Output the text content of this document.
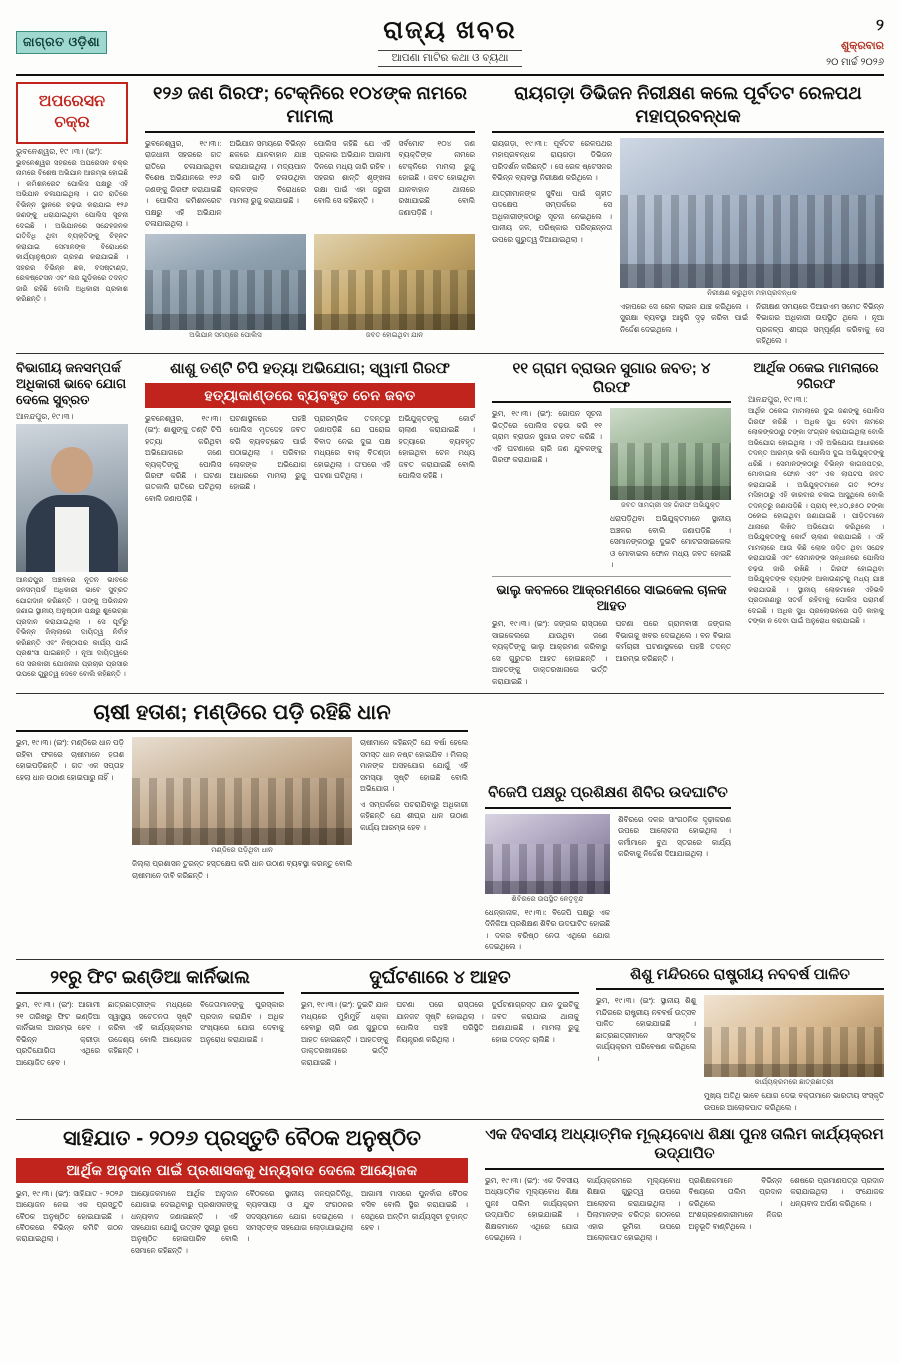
ଜାଗ୍ରତ ଓଡ଼ିଶା	ରାଜ୍ୟ ଖବର
ଆପଣା ମାଟିର କଥା ଓ ବ୍ୟଥା
୨
ଶୁକ୍ରବାର
୨୦ ମାର୍ଚ୍ଚ ୨୦୨୬
ଅପରେସନ ଚକ୍ର
ଭୁବନେଶ୍ୱର, ୧୯ ।୩। (ଇଂ):
ଭୁବନେଶ୍ୱର ସହରରେ ଅପରେସନ ଚକ୍ର ନାମରେ ବିଶେଷ ଅଭିଯାନ ଆରମ୍ଭ ହୋଇଛି । କମିଶନରେଟ ପୋଲିସ ପକ୍ଷରୁ ଏହି ଅଭିଯାନ ଚଳାଯାଇଥିଲା । ଗତ ରାତିରେ ବିଭିନ୍ନ ସ୍ଥାନରେ ଚଢ଼ଉ କରାଯାଇ ୧୨୬ ଜଣଙ୍କୁ ଧରାଯାଇଥିବା ପୋଲିସ ସୂଚନା ଦେଇଛି । ଅଭିଯାନରେ ସନ୍ଦେହଜନକ ଗତିବିଧି ଥିବା ବ୍ୟକ୍ତିଙ୍କୁ ଚିହ୍ନଟ କରାଯାଇ ସେମାନଙ୍କ ବିରୋଧରେ କାର୍ଯ୍ୟାନୁଷ୍ଠାନ ଗ୍ରହଣ କରାଯାଇଛି । ସହରର ବିଭିନ୍ନ ଛକ, ବସଷ୍ଟାଣ୍ଡ, ରେଳଷ୍ଟେସନ ଏବଂ ଲଜ ଗୁଡ଼ିକରେ ତଦନ୍ତ ଜାରି ରହିଛି ବୋଲି ଅଧିକାରୀ ପ୍ରକାଶ କରିଛନ୍ତି ।
୧୨୬ ଜଣ ଗିରଫ; ଟେକ୍ନିରେ ୧୦୪ଙ୍କ ନାମରେ ମାମଲା
ଭୁବନେଶ୍ୱର, ୧୯।୩।: ରାଜଧାନୀ ସହରରେ ଗତ ରାତିରେ ଚଳାଯାଇଥିବା ବିଶେଷ ଅଭିଯାନରେ ୧୨୬ ଜଣଙ୍କୁ ଗିରଫ କରାଯାଇଛି । ପୋଲିସ କମିଶନରେଟ ପକ୍ଷରୁ ଏହି ଅଭିଯାନ ଚଳାଯାଇଥିଲା ।
ଅଭିଯାନ ସମୟରେ ବିଭିନ୍ନ ଛକରେ ଯାନବାହାନ ଯାଞ୍ଚ କରାଯାଇଥିଲା । ମଦ୍ୟପାନ କରି ଗାଡ଼ି ଚଳାଉଥିବା ଚାଳକଙ୍କ ବିରୋଧରେ ମାମଲା ରୁଜୁ କରାଯାଇଛି ।
ପୋଲିସ କହିଛି ଯେ ଏହି ପ୍ରକାର ଅଭିଯାନ ଆଗାମୀ ଦିନରେ ମଧ୍ୟ ଜାରି ରହିବ । ସହରର ଶାନ୍ତି ଶୃଙ୍ଖଳା ରକ୍ଷା ପାଇଁ ଏହା ଜରୁରୀ ବୋଲି ସେ କହିଛନ୍ତି ।
ସର୍ବମୋଟ ୧୦୪ ଜଣ ବ୍ୟକ୍ତିଙ୍କ ନାମରେ ଟେକ୍ନିରେ ମାମଲା ରୁଜୁ ହୋଇଛି । ଜବତ ହୋଇଥିବା ଯାନବାହାନ ଥାନାରେ ରଖାଯାଇଛି ବୋଲି ଜଣାପଡ଼ିଛି ।
ଅଭିଯାନ ସମୟରେ ପୋଲିସ	ଜବତ ହୋଇଥିବା ଯାନ
ରାୟଗଡ଼ା ଡିଭିଜନ ନିରୀକ୍ଷଣ କଲେ ପୂର୍ବତଟ ରେଳପଥ ମହାପ୍ରବନ୍ଧକ
ରାୟଗଡ଼ା, ୧୯।୩।: ପୂର୍ବତଟ ରେଳପଥର ମହାପ୍ରବନ୍ଧକ ରାୟଗଡ଼ା ଡିଭିଜନ ପରିଦର୍ଶନ କରିଛନ୍ତି । ସେ ରେଳ ଷ୍ଟେସନର ବିଭିନ୍ନ ବ୍ୟବସ୍ଥା ନିରୀକ୍ଷଣ କରିଥିଲେ ।
ଯାତ୍ରୀମାନଙ୍କ ସୁବିଧା ପାଇଁ ଗୃହୀତ ପଦକ୍ଷେପ ସମ୍ପର୍କରେ ସେ ଅଧିକାରୀଙ୍କଠାରୁ ସୂଚନା ନେଇଥିଲେ । ପାନୀୟ ଜଳ, ପରିଷ୍କାର ପରିଚ୍ଛନ୍ନତା ଉପରେ ଗୁରୁତ୍ୱ ଦିଆଯାଇଥିଲା ।
ନିରୀକ୍ଷଣ କରୁଥିବା ମହାପ୍ରବନ୍ଧକ
ଏହାପରେ ସେ ରେଳ ଲାଇନ ଯାଞ୍ଚ କରିଥିଲେ । ସୁରକ୍ଷା ବ୍ୟବସ୍ଥା ଆହୁରି ଦୃଢ଼ କରିବା ପାଇଁ ନିର୍ଦ୍ଦେଶ ଦେଇଥିଲେ ।
ନିରୀକ୍ଷଣ ସମୟରେ ଡିଆରଏମ ସମେତ ବିଭିନ୍ନ ବିଭାଗର ଅଧିକାରୀ ଉପସ୍ଥିତ ଥିଲେ । ନୂଆ ପ୍ରକଳ୍ପ ଶୀଘ୍ର ସମ୍ପୂର୍ଣ୍ଣ କରିବାକୁ ସେ କହିଥିଲେ ।
ବିଭାଗୀୟ ଜନସମ୍ପର୍କ ଅଧିକାରୀ ଭାବେ ଯୋଗ ଦେଲେ ସୁବ୍ରତ
ଆନନ୍ଦପୁର, ୧୯।୩।
ଆନନ୍ଦପୁର ଅଞ୍ଚଳରେ ନୂତନ ଭାବରେ ଜନସମ୍ପର୍କ ଅଧିକାରୀ ଭାବେ ସୁବ୍ରତ ଯୋଗଦାନ କରିଛନ୍ତି । ତାଙ୍କୁ ଅଭିନନ୍ଦନ ଜଣାଇ ସ୍ଥାନୀୟ ଅନୁଷ୍ଠାନ ପକ୍ଷରୁ ଶୁଭେଚ୍ଛା ପ୍ରଦାନ କରାଯାଇଥିଲା । ସେ ପୂର୍ବରୁ ବିଭିନ୍ନ ଜିଲ୍ଲାରେ ଦାୟିତ୍ୱ ନିର୍ବାହ କରିଛନ୍ତି ଏବଂ ନିଷ୍ଠାପର କାର୍ଯ୍ୟ ପାଇଁ ପ୍ରଶଂସା ପାଇଛନ୍ତି । ନୂଆ ଦାୟିତ୍ୱରେ ସେ ସରକାରୀ ଯୋଜନାର ପ୍ରଚାର ପ୍ରସାର ଉପରେ ଗୁରୁତ୍ୱ ଦେବେ ବୋଲି କହିଛନ୍ତି ।
ଶାଶୁ ତଣ୍ଟି ଚିପି ହତ୍ୟା ଅଭିଯୋଗ; ସ୍ୱାମୀ ଗିରଫ
ହତ୍ୟାକାଣ୍ଡରେ ବ୍ୟବହୃତ ଚେନ ଜବତ
ଭୁବନେଶ୍ୱର, ୧୯।୩। (ଇଂ): ଶାଶୁଙ୍କୁ ତଣ୍ଟି ଚିପି ହତ୍ୟା କରିଥିବା ଅଭିଯୋଗରେ ଜଣେ ବ୍ୟକ୍ତିଙ୍କୁ ପୋଲିସ ଗିରଫ କରିଛି । ଘଟଣା ଗତକାଲି ରାତିରେ ଘଟିଥିଲା ବୋଲି ଜଣାପଡ଼ିଛି ।
ଘଟଣାସ୍ଥଳରେ ପହଞ୍ଚି ପୋଲିସ ମୃତଦେହ ଜବତ କରି ବ୍ୟବଚ୍ଛେଦ ପାଇଁ ପଠାଇଥିଲା । ପରିବାର ଲୋକଙ୍କ ଅଭିଯୋଗ ଆଧାରରେ ମାମଲା ରୁଜୁ ହୋଇଛି ।
ପ୍ରାରମ୍ଭିକ ତଦନ୍ତରୁ ଜଣାପଡ଼ିଛି ଯେ ଘରୋଇ ବିବାଦ ନେଇ ଦୁଇ ପକ୍ଷ ମଧ୍ୟରେ ବାକ୍ ବିତଣ୍ଡା ହୋଇଥିଲା । ତା'ପରେ ଏହି ଘଟଣା ଘଟିଥିଲା ।
ଅଭିଯୁକ୍ତଙ୍କୁ କୋର୍ଟ ଚାଲାଣ କରାଯାଇଛି । ହତ୍ୟାରେ ବ୍ୟବହୃତ ହୋଇଥିବା ଚେନ ମଧ୍ୟ ଜବତ କରାଯାଇଛି ବୋଲି ପୋଲିସ କହିଛି ।
୧୧ ଗ୍ରାମ ବ୍ରାଉନ ସୁଗାର ଜବତ; ୪ ଗିରଫ
ଭୁମ, ୧୯।୩। (ଇଂ): ଗୋପନ ସୂଚନା ଭିତ୍ତିରେ ପୋଲିସ ଚଢ଼ଉ କରି ୧୧ ଗ୍ରାମ ବ୍ରାଉନ ସୁଗାର ଜବତ କରିଛି । ଏହି ଘଟଣାରେ ଚାରି ଜଣ ଯୁବକଙ୍କୁ ଗିରଫ କରାଯାଇଛି ।
ଜବତ ସାମଗ୍ରୀ ସହ ଗିରଫ ଅଭିଯୁକ୍ତ
ଧରାପଡ଼ିଥିବା ଅଭିଯୁକ୍ତମାନେ ସ୍ଥାନୀୟ ଅଞ୍ଚଳର ବୋଲି ଜଣାପଡ଼ିଛି । ସେମାନଙ୍କଠାରୁ ଦୁଇଟି ମୋଟରସାଇକେଲ ଓ ମୋବାଇଲ ଫୋନ ମଧ୍ୟ ଜବତ ହୋଇଛି ।
ଭାଲୁ କବଳରେ ଆକ୍ରମଣରେ ସାଇକେଲ ଚାଳକ ଆହତ
ଭୁମ, ୧୯।୩। (ଇଂ): ଜଙ୍ଗଲ ରାସ୍ତାରେ ସାଇକେଲରେ ଯାଉଥିବା ଜଣେ ବ୍ୟକ୍ତିଙ୍କୁ ଭାଲୁ ଆକ୍ରମଣ କରିବାରୁ ସେ ଗୁରୁତର ଆହତ ହୋଇଛନ୍ତି । ଆହତଙ୍କୁ ଡାକ୍ତରଖାନାରେ ଭର୍ତ୍ତି କରାଯାଇଛି ।
ଘଟଣା ପରେ ଗ୍ରାମବାସୀ ଜଙ୍ଗଲ ବିଭାଗକୁ ଖବର ଦେଇଥିଲେ । ବନ ବିଭାଗ କର୍ମଚାରୀ ଘଟଣାସ୍ଥଳରେ ପହଞ୍ଚି ତଦନ୍ତ ଆରମ୍ଭ କରିଛନ୍ତି ।
ଆର୍ଥିକ ଠକେଇ ମାମଲାରେ ୨ଗିରଫ
ଆନନ୍ଦପୁର, ୧୯।୩।:
ଆର୍ଥିକ ଠକେଇ ମାମଲାରେ ଦୁଇ ଜଣଙ୍କୁ ପୋଲିସ ଗିରଫ କରିଛି । ଅଧିକ ସୁଧ ଦେବା ନାମରେ ଲୋକଙ୍କଠାରୁ ଟଙ୍କା ସଂଗ୍ରହ କରାଯାଇଥିଲା ବୋଲି ଅଭିଯୋଗ ହୋଇଥିଲା । ଏହି ଅଭିଯୋଗ ଆଧାରରେ ତଦନ୍ତ ଆରମ୍ଭ କରି ପୋଲିସ ଦୁଇ ଅଭିଯୁକ୍ତଙ୍କୁ ଧରିଛି । ସେମାନଙ୍କଠାରୁ ବିଭିନ୍ନ କାଗଜପତ୍ର, ମୋବାଇଲ ଫୋନ ଏବଂ ଏକ ଲାପଟପ ଜବତ କରାଯାଇଛି । ଅଭିଯୁକ୍ତମାନେ ଗତ ୨୦୨୪ ମସିହାଠାରୁ ଏହି କାରବାର ଚଳାଇ ଆସୁଥିଲେ ବୋଲି ତଦନ୍ତରୁ ଜଣାପଡ଼ିଛି । ପ୍ରାୟ ୧୧,୪୦,୭୫୦ ଟଙ୍କା ଠକେଇ ହୋଇଥିବା ଜଣାଯାଇଛି । ପୀଡ଼ିତମାନେ ଥାନାରେ ଲିଖିତ ଅଭିଯୋଗ କରିଥିଲେ । ଅଭିଯୁକ୍ତଙ୍କୁ କୋର୍ଟ ଚାଲାଣ କରାଯାଇଛି । ଏହି ମାମଲାରେ ଆଉ କିଛି ଲୋକ ଜଡ଼ିତ ଥିବା ସନ୍ଦେହ କରାଯାଉଛି ଏବଂ ସେମାନଙ୍କ ସନ୍ଧାନରେ ପୋଲିସ ଚଢ଼ଉ ଜାରି ରଖିଛି । ଗିରଫ ହୋଇଥିବା ଅଭିଯୁକ୍ତଙ୍କ ବ୍ୟାଙ୍କ ଆକାଉଣ୍ଟକୁ ମଧ୍ୟ ଯାଞ୍ଚ କରାଯାଉଛି । ସ୍ଥାନୀୟ ଲୋକମାନେ ଏହିଭଳି ପ୍ରତାରଣାରୁ ସତର୍କ ରହିବାକୁ ପୋଲିସ ପରାମର୍ଶ ଦେଇଛି । ଅଧିକ ସୁଧ ପ୍ରଲୋଭନରେ ପଡ଼ି କାହାକୁ ଟଙ୍କା ନ ଦେବା ପାଇଁ ଅନୁରୋଧ କରାଯାଇଛି ।
ଚାଷୀ ହତାଶ; ମଣ୍ଡିରେ ପଡ଼ି ରହିଛି ଧାନ
ଭୁମ, ୧୯।୩। (ଇଂ): ମଣ୍ଡିରେ ଧାନ ପଡ଼ି ରହିବା ଫଳରେ ଚାଷୀମାନେ ହତାଶ ହୋଇପଡ଼ିଛନ୍ତି । ଗତ ଏକ ସପ୍ତାହ ହେଲା ଧାନ ଉଠାଣ ହୋଇପାରୁ ନାହିଁ ।
ମଣ୍ଡିରେ ପଡ଼ିଥିବା ଧାନ
ଜିଲ୍ଲା ପ୍ରଶାସନ ତୁରନ୍ତ ହସ୍ତକ୍ଷେପ କରି ଧାନ ଉଠାଣ ବ୍ୟବସ୍ଥା କରନ୍ତୁ ବୋଲି ଚାଷୀମାନେ ଦାବି କରିଛନ୍ତି ।
ଚାଷୀମାନେ କହିଛନ୍ତି ଯେ ବର୍ଷା ହେଲେ ସମସ୍ତ ଧାନ ନଷ୍ଟ ହୋଇଯିବ । ମିଲର୍ ମାନଙ୍କ ଅସହଯୋଗ ଯୋଗୁଁ ଏହି ସମସ୍ୟା ସୃଷ୍ଟି ହୋଇଛି ବୋଲି ଅଭିଯୋଗ ।
ଏ ସମ୍ପର୍କରେ ପଚରାଯିବାରୁ ଅଧିକାରୀ କହିଛନ୍ତି ଯେ ଶୀଘ୍ର ଧାନ ଉଠାଣ କାର୍ଯ୍ୟ ଆରମ୍ଭ ହେବ ।
ବିଜେପି ପକ୍ଷରୁ ପ୍ରଶିକ୍ଷଣ ଶିବିର ଉଦଘାଟିତ
ଶିବିରରେ ଉପସ୍ଥିତ ନେତୃବୃନ୍ଦ
ଧେନ୍କାନାଳ, ୧୯।୩।: ବିଜେପି ପକ୍ଷରୁ ଏକ ଦିନିକିଆ ପ୍ରଶିକ୍ଷଣ ଶିବିର ଉଦଘାଟିତ ହୋଇଛି । ଦଳର ବରିଷ୍ଠ ନେତା ଏଥିରେ ଯୋଗ ଦେଇଥିଲେ ।
ଶିବିରରେ ଦଳର ସାଂଗଠନିକ ଦୃଢ଼ୀକରଣ ଉପରେ ଆଲୋଚନା ହୋଇଥିଲା । କର୍ମୀମାନେ ବୁଥ ସ୍ତରରେ କାର୍ଯ୍ୟ କରିବାକୁ ନିର୍ଦ୍ଦେଶ ଦିଆଯାଇଥିଲା ।
୨୧ରୁ ଫିଟ ଇଣ୍ଡିଆ କାର୍ନିଭାଲ
ଭୁମ, ୧୯।୩। (ଇଂ): ଆଗାମୀ ୨୧ ତାରିଖରୁ ଫିଟ ଇଣ୍ଡିଆ କାର୍ନିଭାଲ ଆରମ୍ଭ ହେବ । ବିଭିନ୍ନ କ୍ରୀଡ଼ା ପ୍ରତିଯୋଗିତା ଏଥିରେ ଆୟୋଜିତ ହେବ ।
ଛାତ୍ରଛାତ୍ରୀଙ୍କ ମଧ୍ୟରେ ସ୍ୱାସ୍ଥ୍ୟ ସଚେତନତା ସୃଷ୍ଟି କରିବା ଏହି କାର୍ଯ୍ୟକ୍ରମର ଉଦ୍ଦେଶ୍ୟ ବୋଲି ଆୟୋଜକ କହିଛନ୍ତି ।
ବିଜେତାମାନଙ୍କୁ ପୁରସ୍କାର ପ୍ରଦାନ କରାଯିବ । ଅଧିକ ସଂଖ୍ୟାରେ ଯୋଗ ଦେବାକୁ ଅନୁରୋଧ କରାଯାଇଛି ।
ଦୁର୍ଘଟଣାରେ ୪ ଆହତ
ଭୁମ, ୧୯।୩। (ଇଂ): ଦୁଇଟି ଯାନ ମଧ୍ୟରେ ମୁହାଁମୁହିଁ ଧକ୍କା ହେବାରୁ ଚାରି ଜଣ ଗୁରୁତର ଆହତ ହୋଇଛନ୍ତି । ଆହତଙ୍କୁ ଡାକ୍ତରଖାନାରେ ଭର୍ତ୍ତି କରାଯାଇଛି ।
ଘଟଣା ପରେ ରାସ୍ତାରେ ଯାନଜଟ ସୃଷ୍ଟି ହୋଇଥିଲା । ପୋଲିସ ପହଞ୍ଚି ପରିସ୍ଥିତି ନିୟନ୍ତ୍ରଣ କରିଥିଲା ।
ଦୁର୍ଘଟଣାଗ୍ରସ୍ତ ଯାନ ଦୁଇଟିକୁ ଜବତ କରାଯାଇ ଥାନାକୁ ଅଣାଯାଇଛି । ମାମଲା ରୁଜୁ ହୋଇ ତଦନ୍ତ ଚାଲିଛି ।
ଶିଶୁ ମନ୍ଦିରରେ ରାଷ୍ଟ୍ରୀୟ ନବବର୍ଷ ପାଳିତ
ଭୁମ, ୧୯।୩। (ଇଂ): ସ୍ଥାନୀୟ ଶିଶୁ ମନ୍ଦିରରେ ରାଷ୍ଟ୍ରୀୟ ନବବର୍ଷ ଉତ୍ସବ ପାଳିତ ହୋଇଯାଇଛି । ଛାତ୍ରଛାତ୍ରୀମାନେ ସାଂସ୍କୃତିକ କାର୍ଯ୍ୟକ୍ରମ ପରିବେଷଣ କରିଥିଲେ ।
କାର୍ଯ୍ୟକ୍ରମରେ ଛାତ୍ରଛାତ୍ରୀ
ମୁଖ୍ୟ ଅତିଥି ଭାବେ ଯୋଗ ଦେଇ ବକ୍ତାମାନେ ଭାରତୀୟ ସଂସ୍କୃତି ଉପରେ ଆଲୋକପାତ କରିଥିଲେ ।
ସାହିଯାତ - ୨୦୨୬ ପ୍ରସ୍ତୁତି ବୈଠକ ଅନୁଷ୍ଠିତ
ଆର୍ଥିକ ଅନୁଦାନ ପାଇଁ ପ୍ରଶାସକକୁ ଧନ୍ୟବାଦ ଦେଲେ ଆୟୋଜକ
ଭୁମ, ୧୯।୩। (ଇଂ): ସାହିଯାତ - ୨୦୨୬ ଆୟୋଜନ ନେଇ ଏକ ପ୍ରସ୍ତୁତି ବୈଠକ ଅନୁଷ୍ଠିତ ହୋଇଯାଇଛି । ବୈଠକରେ ବିଭିନ୍ନ କମିଟି ଗଠନ କରାଯାଇଥିଲା ।
ଆୟୋଜକମାନେ ଆର୍ଥିକ ଅନୁଦାନ ଯୋଗାଇ ଦେଇଥିବାରୁ ପ୍ରଶାସକଙ୍କୁ ଧନ୍ୟବାଦ ଜଣାଇଛନ୍ତି । ଏହି ସହଯୋଗ ଯୋଗୁଁ ଉତ୍ସବ ସୁଚାରୁ ରୂପେ ଅନୁଷ୍ଠିତ ହୋଇପାରିବ ବୋଲି ସେମାନେ କହିଛନ୍ତି ।
ବୈଠକରେ ସ୍ଥାନୀୟ ଜନପ୍ରତିନିଧି, ବ୍ୟବସାୟୀ ଓ ଯୁବ ସଂଗଠନର ସଦସ୍ୟମାନେ ଯୋଗ ଦେଇଥିଲେ । ସମସ୍ତଙ୍କ ସହଯୋଗ ଲୋଡ଼ାଯାଇଥିଲା ।
ଆଗାମୀ ମାସରେ ପୁନର୍ବାର ବୈଠକ ବସିବ ବୋଲି ସ୍ଥିର କରାଯାଇଛି । ସେଥିରେ ଅନ୍ତିମ କାର୍ଯ୍ୟସୂଚୀ ଚୂଡ଼ାନ୍ତ ହେବ ।
ଏକ ଦିବସୀୟ ଅଧ୍ୟାତ୍ମିକ ମୂଲ୍ୟବୋଧ ଶିକ୍ଷା ପୁନଃ ତାଲିମ କାର୍ଯ୍ୟକ୍ରମ ଉଦ୍‌ଯାପିତ
ଭୁମ, ୧୯।୩। (ଇଂ): ଏକ ଦିବସୀୟ ଅଧ୍ୟାତ୍ମିକ ମୂଲ୍ୟବୋଧ ଶିକ୍ଷା ପୁନଃ ତାଲିମ କାର୍ଯ୍ୟକ୍ରମ ଉଦ୍‌ଯାପିତ ହୋଇଯାଇଛି । ଶିକ୍ଷକମାନେ ଏଥିରେ ଯୋଗ ଦେଇଥିଲେ ।
କାର୍ଯ୍ୟକ୍ରମରେ ମୂଲ୍ୟବୋଧ ଶିକ୍ଷାର ଗୁରୁତ୍ୱ ଉପରେ ଆଲୋଚନା କରାଯାଇଥିଲା । ପିଲାମାନଙ୍କ ଚରିତ୍ର ଗଠନରେ ଏହାର ଭୂମିକା ଉପରେ ଆଲୋକପାତ ହୋଇଥିଲା ।
ପ୍ରଶିକ୍ଷକମାନେ ବିଭିନ୍ନ ବିଷୟରେ ତାଲିମ ପ୍ରଦାନ କରିଥିଲେ । ଅଂଶଗ୍ରହଣକାରୀମାନେ ନିଜର ଅନୁଭୂତି ବାଣ୍ଟିଥିଲେ ।
ଶେଷରେ ପ୍ରମାଣପତ୍ର ପ୍ରଦାନ କରାଯାଇଥିଲା । ସଂଯୋଜକ ଧନ୍ୟବାଦ ଅର୍ପଣ କରିଥିଲେ ।
